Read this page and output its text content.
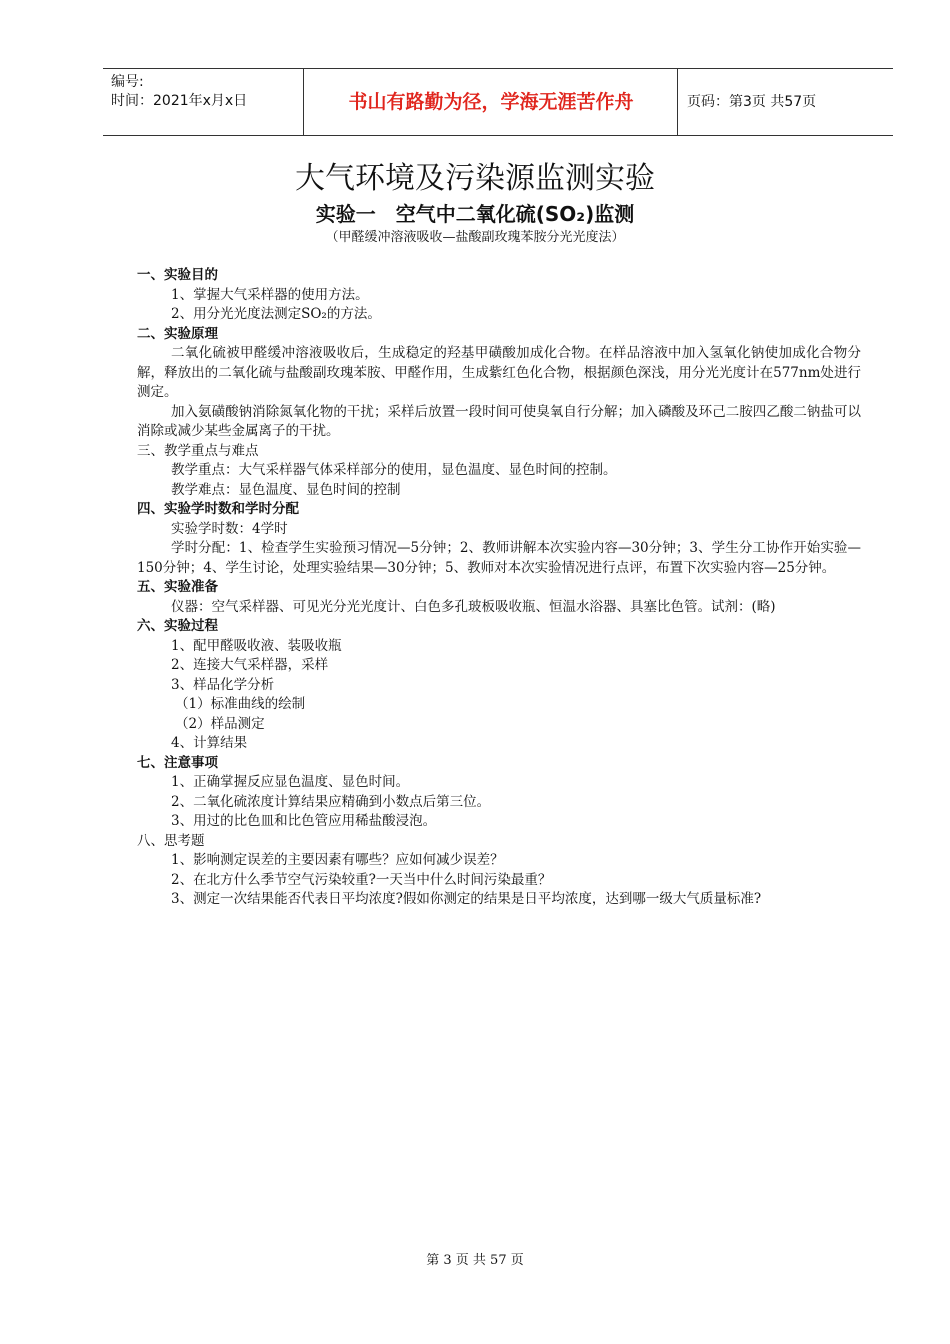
编号:
时间：2021年x月x日	书山有路勤为径，学海无涯苦作舟	页码：第3页 共57页
大气环境及污染源监测实验
实验一　空气中二氧化硫(SO₂)监测
（甲醛缓冲溶液吸收—盐酸副玫瑰苯胺分光光度法）
一、实验目的
1、掌握大气采样器的使用方法。
2、用分光光度法测定SO₂的方法。
二、实验原理
二氧化硫被甲醛缓冲溶液吸收后，生成稳定的羟基甲磺酸加成化合物。在样品溶液中加入氢氧化钠使加成化合物分解，释放出的二氧化硫与盐酸副玫瑰苯胺、甲醛作用，生成紫红色化合物，根据颜色深浅，用分光光度计在577nm处进行测定。
加入氨磺酸钠消除氮氧化物的干扰；采样后放置一段时间可使臭氧自行分解；加入磷酸及环己二胺四乙酸二钠盐可以消除或减少某些金属离子的干扰。
三、教学重点与难点
教学重点：大气采样器气体采样部分的使用，显色温度、显色时间的控制。
教学难点：显色温度、显色时间的控制
四、实验学时数和学时分配
实验学时数：4学时
学时分配：1、检查学生实验预习情况—5分钟；2、教师讲解本次实验内容—30分钟；3、学生分工协作开始实验—150分钟；4、学生讨论，处理实验结果—30分钟；5、教师对本次实验情况进行点评，布置下次实验内容—25分钟。
五、实验准备
仪器：空气采样器、可见光分光光度计、白色多孔玻板吸收瓶、恒温水浴器、具塞比色管。试剂：(略)
六、实验过程
1、配甲醛吸收液、装吸收瓶
2、连接大气采样器，采样
3、样品化学分析
（1）标准曲线的绘制
（2）样品测定
4、计算结果
七、注意事项
1、正确掌握反应显色温度、显色时间。
2、二氧化硫浓度计算结果应精确到小数点后第三位。
3、用过的比色皿和比色管应用稀盐酸浸泡。
八、思考题
1、影响测定误差的主要因素有哪些？应如何减少误差？
2、在北方什么季节空气污染较重?一天当中什么时间污染最重？
3、测定一次结果能否代表日平均浓度?假如你测定的结果是日平均浓度，达到哪一级大气质量标准?
第 3 页 共 57 页
